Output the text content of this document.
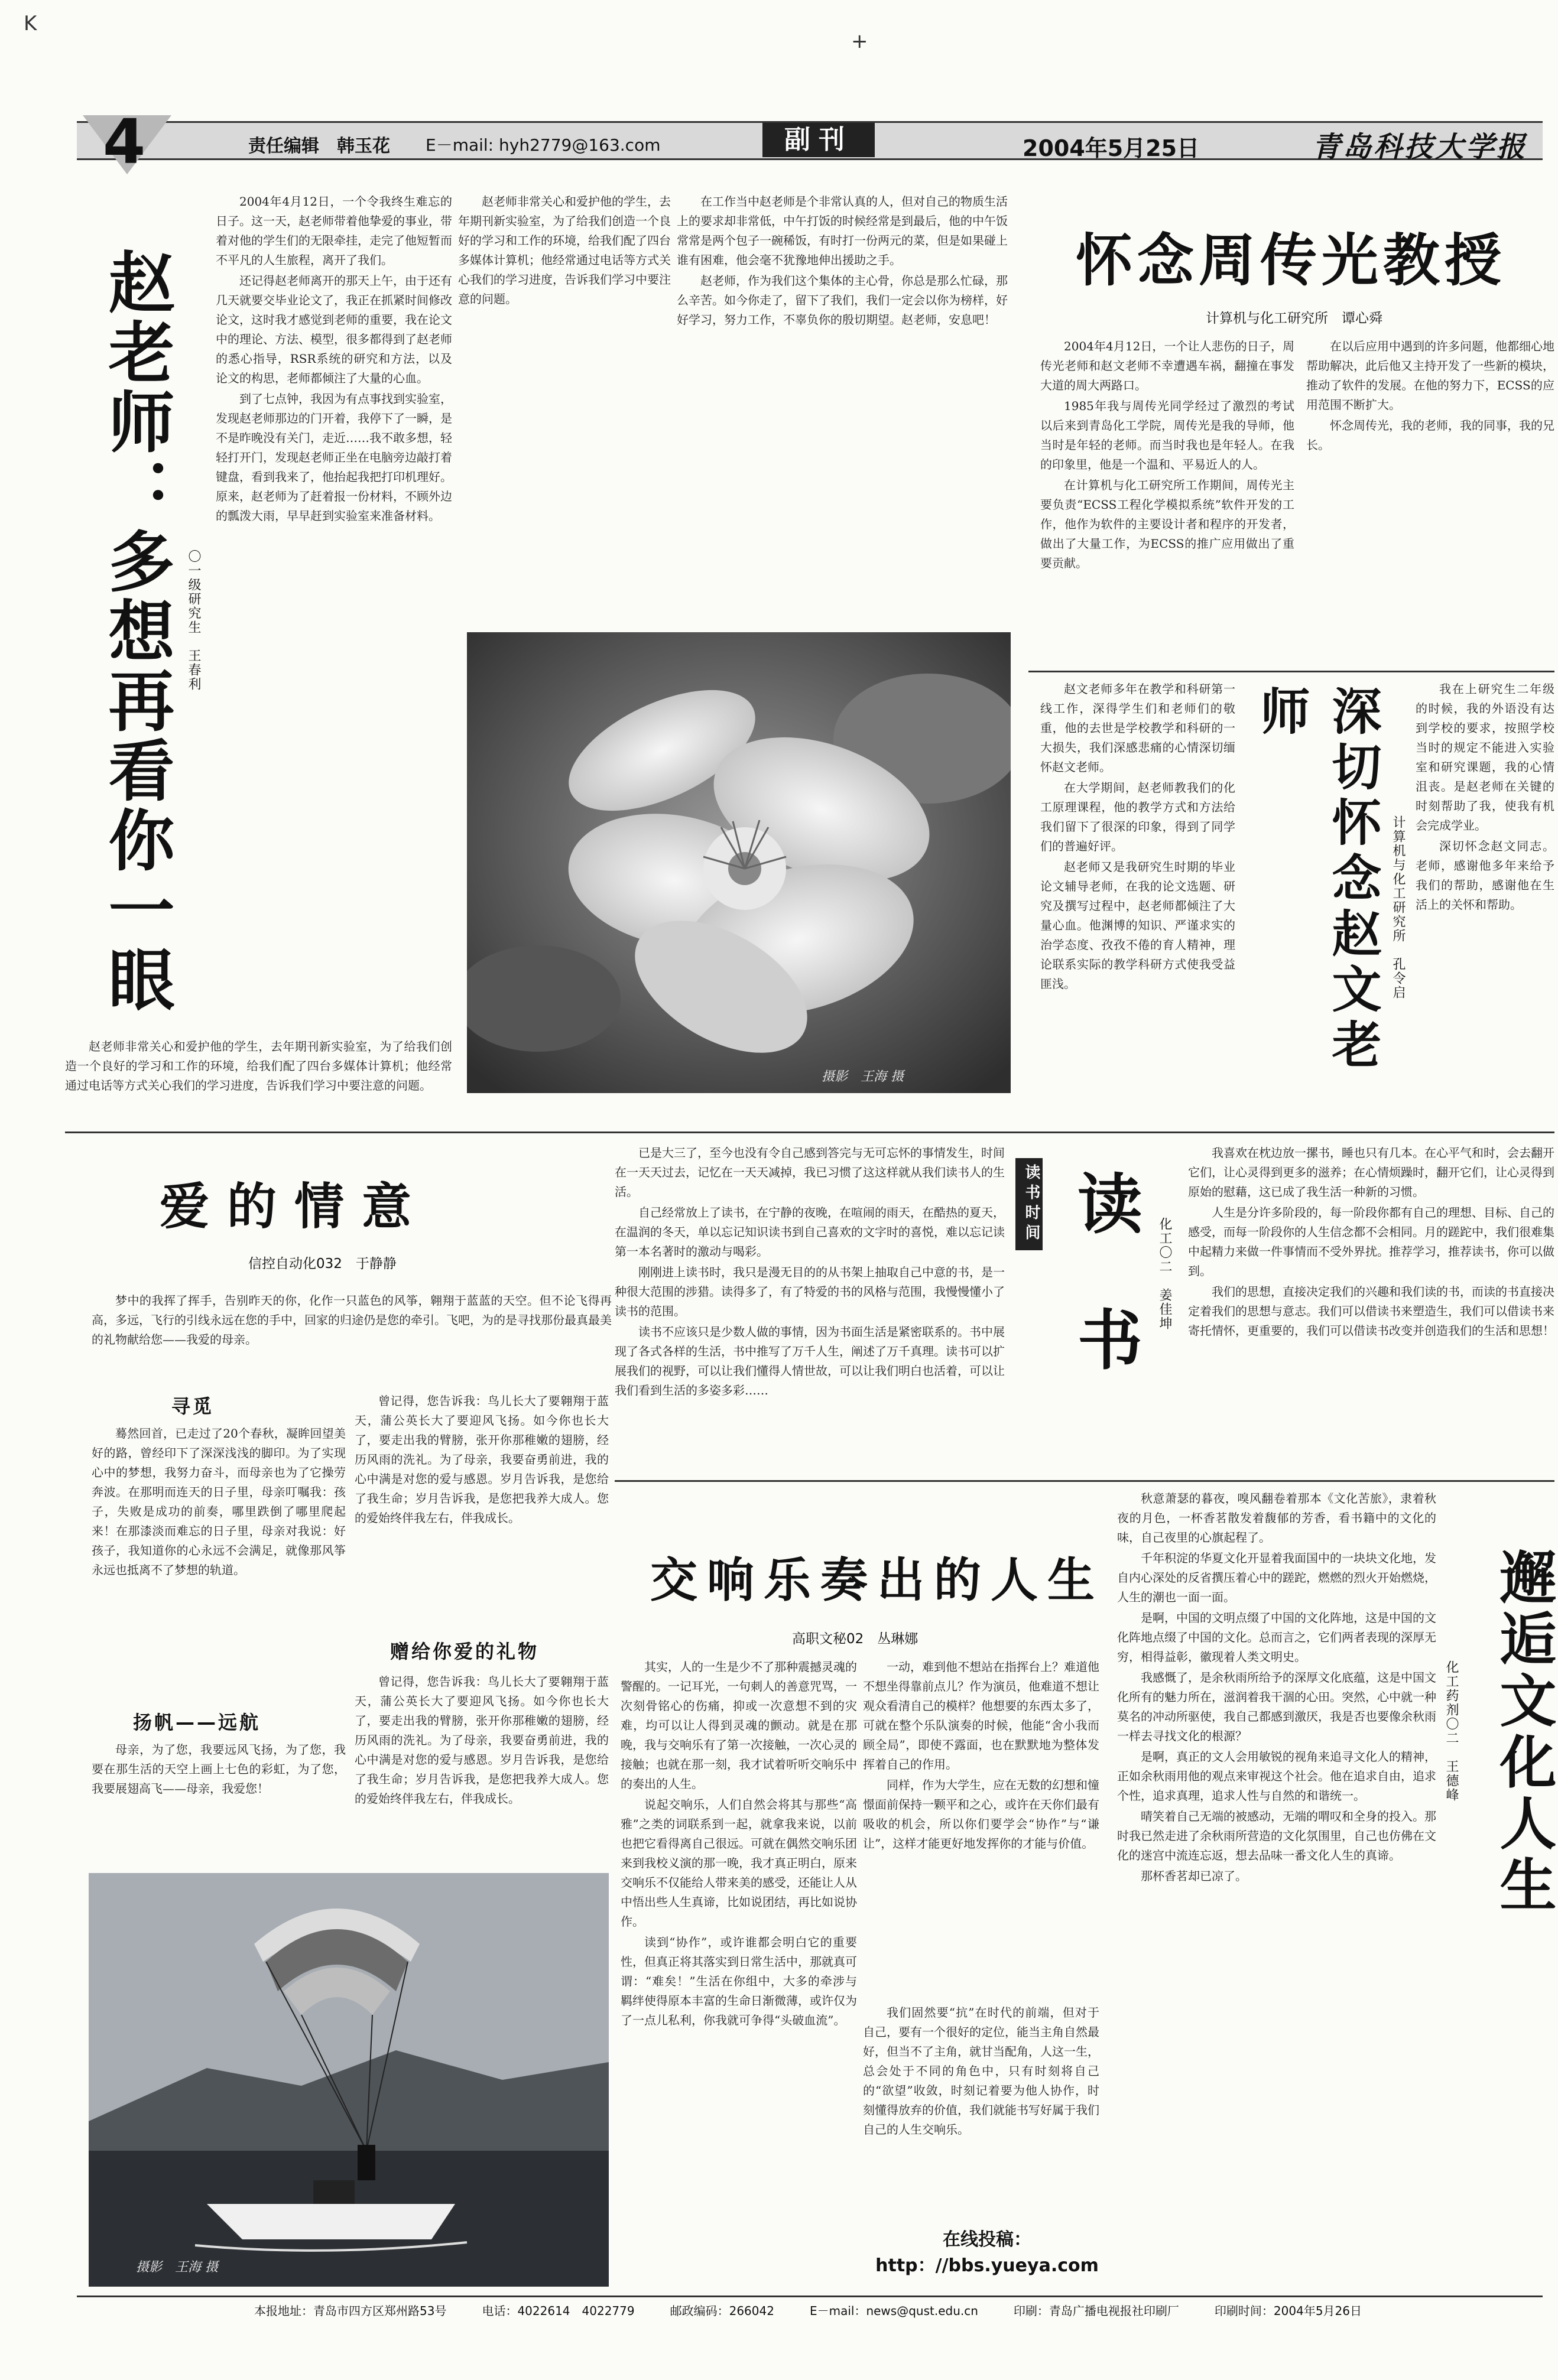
K
+
4	责任编辑　韩玉花 E－mail: hyh2779@163.com	副刊	2004年5月25日	青岛科技大学报
赵老师：多想再看你一眼 〇一级研究生　王春利

2004年4月12日，一个令我终生难忘的日子。这一天，赵老师带着他挚爱的事业，带着对他的学生们的无限牵挂，走完了他短暂而不平凡的人生旅程，离开了我们。

还记得赵老师离开的那天上午，由于还有几天就要交毕业论文了，我正在抓紧时间修改论文，这时我才感觉到老师的重要，我在论文中的理论、方法、模型，很多都得到了赵老师的悉心指导，RSR系统的研究和方法，以及论文的构思，老师都倾注了大量的心血。

到了七点钟，我因为有点事找到实验室，发现赵老师那边的门开着，我停下了一瞬，是不是昨晚没有关门，走近……我不敢多想，轻轻打开门，发现赵老师正坐在电脑旁边敲打着键盘，看到我来了，他抬起我把打印机理好。原来，赵老师为了赶着报一份材料，不顾外边的瓢泼大雨，早早赶到实验室来准备材料。

赵老师非常关心和爱护他的学生，去年期刊新实验室，为了给我们创造一个良好的学习和工作的环境，给我们配了四台多媒体计算机；他经常通过电话等方式关心我们的学习进度，告诉我们学习中要注意的问题。

赵老师非常关心和爱护他的学生，去年期刊新实验室，为了给我们创造一个良好的学习和工作的环境，给我们配了四台多媒体计算机；他经常通过电话等方式关心我们的学习进度，告诉我们学习中要注意的问题。

在工作当中赵老师是个非常认真的人，但对自己的物质生活上的要求却非常低，中午打饭的时候经常是到最后，他的中午饭常常是两个包子一碗稀饭，有时打一份两元的菜，但是如果碰上谁有困难，他会毫不犹豫地伸出援助之手。

赵老师，作为我们这个集体的主心骨，你总是那么忙碌，那么辛苦。如今你走了，留下了我们，我们一定会以你为榜样，好好学习，努力工作，不辜负你的殷切期望。赵老师，安息吧！

怀念周传光教授
计算机与化工研究所　谭心舜

2004年4月12日，一个让人悲伤的日子，周传光老师和赵文老师不幸遭遇车祸，翻撞在事发大道的周大两路口。

1985年我与周传光同学经过了激烈的考试以后来到青岛化工学院，周传光是我的导师，他当时是年轻的老师。而当时我也是年轻人。在我的印象里，他是一个温和、平易近人的人。

在计算机与化工研究所工作期间，周传光主要负责“ECSS工程化学模拟系统”软件开发的工作，他作为软件的主要设计者和程序的开发者，做出了大量工作，为ECSS的推广应用做出了重要贡献。

在以后应用中遇到的许多问题，他都细心地帮助解决，此后他又主持开发了一些新的模块，推动了软件的发展。在他的努力下，ECSS的应用范围不断扩大。

怀念周传光，我的老师，我的同事，我的兄长。

摄影　王海 摄

赵文老师多年在教学和科研第一线工作，深得学生们和老师们的敬重，他的去世是学校教学和科研的一大损失，我们深感悲痛的心情深切缅怀赵文老师。

在大学期间，赵老师教我们的化工原理课程，他的教学方式和方法给我们留下了很深的印象，得到了同学们的普遍好评。

赵老师又是我研究生时期的毕业论文辅导老师，在我的论文选题、研究及撰写过程中，赵老师都倾注了大量心血。他渊博的知识、严谨求实的治学态度、孜孜不倦的育人精神，理论联系实际的教学科研方式使我受益匪浅。	深切怀念赵文老师
计算机与化工研究所　孔令启

我在上研究生二年级的时候，我的外语没有达到学校的要求，按照学校当时的规定不能进入实验室和研究课题，我的心情沮丧。是赵老师在关键的时刻帮助了我，使我有机会完成学业。

深切怀念赵文同志。老师，感谢他多年来给予我们的帮助，感谢他在生活上的关怀和帮助。

爱的情意
信控自动化032　于静静

梦中的我挥了挥手，告别昨天的你，化作一只蓝色的风筝，翱翔于蓝蓝的天空。但不论飞得再高，多远，飞行的引线永远在您的手中，回家的归途仍是您的牵引。飞吧，为的是寻找那份最真最美的礼物献给您——我爱的母亲。

寻觅

蓦然回首，已走过了20个春秋，凝眸回望美好的路，曾经印下了深深浅浅的脚印。为了实现心中的梦想，我努力奋斗，而母亲也为了它操劳奔波。在那明而连天的日子里，母亲叮嘱我：孩子，失败是成功的前奏，哪里跌倒了哪里爬起来！在那漆淡而难忘的日子里，母亲对我说：好孩子，我知道你的心永远不会满足，就像那风筝永远也抵离不了梦想的轨道。

扬帆——远航

母亲，为了您，我要远风飞扬，为了您，我要在那生活的天空上画上七色的彩虹，为了您，我要展翅高飞——母亲，我爱您！

曾记得，您告诉我：鸟儿长大了要翱翔于蓝天，蒲公英长大了要迎风飞扬。如今你也长大了，要走出我的臂膀，张开你那稚嫩的翅膀，经历风雨的洗礼。为了母亲，我要奋勇前进，我的心中满是对您的爱与感恩。岁月告诉我，是您给了我生命；岁月告诉我，是您把我养大成人。您的爱始终伴我左右，伴我成长。

赠给你爱的礼物

曾记得，您告诉我：鸟儿长大了要翱翔于蓝天，蒲公英长大了要迎风飞扬。如今你也长大了，要走出我的臂膀，张开你那稚嫩的翅膀，经历风雨的洗礼。为了母亲，我要奋勇前进，我的心中满是对您的爱与感恩。岁月告诉我，是您给了我生命；岁月告诉我，是您把我养大成人。您的爱始终伴我左右，伴我成长。

已是大三了，至今也没有令自己感到答完与无可忘怀的事情发生，时间在一天天过去，记忆在一天天减掉，我已习惯了这这样就从我们读书人的生活。

自己经常放上了读书，在宁静的夜晚，在喧闹的雨天，在酷热的夏天，在温润的冬天，单以忘记知识读书到自己喜欢的文字时的喜悦，难以忘记读第一本名著时的激动与喝彩。

刚刚进上读书时，我只是漫无目的的从书架上抽取自己中意的书，是一种很大范围的涉猎。读得多了，有了特爱的书的风格与范围，我慢慢懂小了读书的范围。

读书不应该只是少数人做的事情，因为书面生活是紧密联系的。书中展现了各式各样的生活，书中推写了万千人生，阐述了万千真理。读书可以扩展我们的视野，可以让我们懂得人情世故，可以让我们明白也活着，可以让我们看到生活的多姿多彩……

读书时间 读书	化工〇二　姜佳坤

我喜欢在枕边放一摞书，睡也只有几本。在心平气和时，会去翻开它们，让心灵得到更多的滋养；在心情烦躁时，翻开它们，让心灵得到原始的慰藉，这已成了我生活一种新的习惯。

人生是分许多阶段的，每一阶段你都有自己的理想、目标、自己的感受，而每一阶段你的人生信念都不会相同。月的蹉跎中，我们很难集中起精力来做一件事情而不受外界扰。推荐学习，推荐读书，你可以做到。

我们的思想，直接决定我们的兴趣和我们读的书，而读的书直接决定着我们的思想与意志。我们可以借读书来塑造生，我们可以借读书来寄托情怀，更重要的，我们可以借读书改变并创造我们的生活和思想！

交响乐奏出的人生
高职文秘02　丛琳娜

其实，人的一生是少不了那种震撼灵魂的警醒的。一记耳光，一句刺人的善意咒骂，一次刻骨铭心的伤痛，抑或一次意想不到的灾难，均可以让人得到灵魂的颤动。就是在那晚，我与交响乐有了第一次接触，一次心灵的接触；也就在那一刻，我才试着听听交响乐中的奏出的人生。

说起交响乐，人们自然会将其与那些“高雅”之类的词联系到一起，就拿我来说，以前也把它看得离自己很远。可就在偶然交响乐团来到我校义演的那一晚，我才真正明白，原来交响乐不仅能给人带来美的感受，还能让人从中悟出些人生真谛，比如说团结，再比如说协作。

读到“协作”，或许谁都会明白它的重要性，但真正将其落实到日常生活中，那就真可谓：“难矣！”生活在你组中，大多的牵涉与羁绊使得原本丰富的生命日渐微薄，或许仅为了一点儿私利，你我就可争得“头破血流”。

一动，难到他不想站在指挥台上？难道他不想坐得靠前点儿？作为演员，他难道不想让观众看清自己的模样？他想要的东西太多了，可就在整个乐队演奏的时候，他能“舍小我而顾全局”，即使不露面，也在默默地为整体发挥着自己的作用。

同样，作为大学生，应在无数的幻想和憧憬面前保持一颗平和之心，或许在天你们最有吸收的机会，所以你们要学会“协作”与“谦让”，这样才能更好地发挥你的才能与价值。

我们固然要“抗”在时代的前端，但对于自己，要有一个很好的定位，能当主角自然最好，但当不了主角，就甘当配角，人这一生，总会处于不同的角色中，只有时刻将自己的“欲望”收敛，时刻记着要为他人协作，时刻懂得放弃的价值，我们就能书写好属于我们自己的人生交响乐。

摄影　王海 摄
在线投稿：
http：//bbs.yueya.com

秋意萧瑟的暮夜，嗅风翻卷着那本《文化苦旅》，隶着秋夜的月色，一杯香茗散发着馥郁的芳香，看书籍中的文化的味，自己夜里的心旗起程了。

千年积淀的华夏文化开显着我面国中的一块块文化地，发自内心深处的反省撰压着心中的蹉跎，燃燃的烈火开始燃烧，人生的潮也一面一面。

是啊，中国的文明点缀了中国的文化阵地，这是中国的文化阵地点缀了中国的文化。总而言之，它们两者表现的深厚无穷，相得益彰，徽现着人类文明史。

我感慨了，是余秋雨所给予的深厚文化底蕴，这是中国文化所有的魅力所在，滋润着我干涸的心田。突然，心中就一种莫名的冲动所驱使，我自己都感到激厌，我是否也要像余秋雨一样去寻找文化的根源？

是啊，真正的文人会用敏锐的视角来追寻文化人的精神，正如余秋雨用他的观点来审视这个社会。他在追求自由，追求个性，追求真理，追求人性与自然的和谐统一。

晴笑着自己无端的被感动，无端的喟叹和全身的投入。那时我已然走进了余秋雨所营造的文化氛围里，自己也仿佛在文化的迷宫中流连忘返，想去品味一番文化人生的真谛。

那杯香茗却已凉了。	邂逅文化人生
化工药剂〇二　王德峰
本报地址：青岛市四方区郑州路53号	电话：4022614　4022779	邮政编码：266042	E－mail：news@qust.edu.cn	印刷：青岛广播电视报社印刷厂	印刷时间：2004年5月26日
